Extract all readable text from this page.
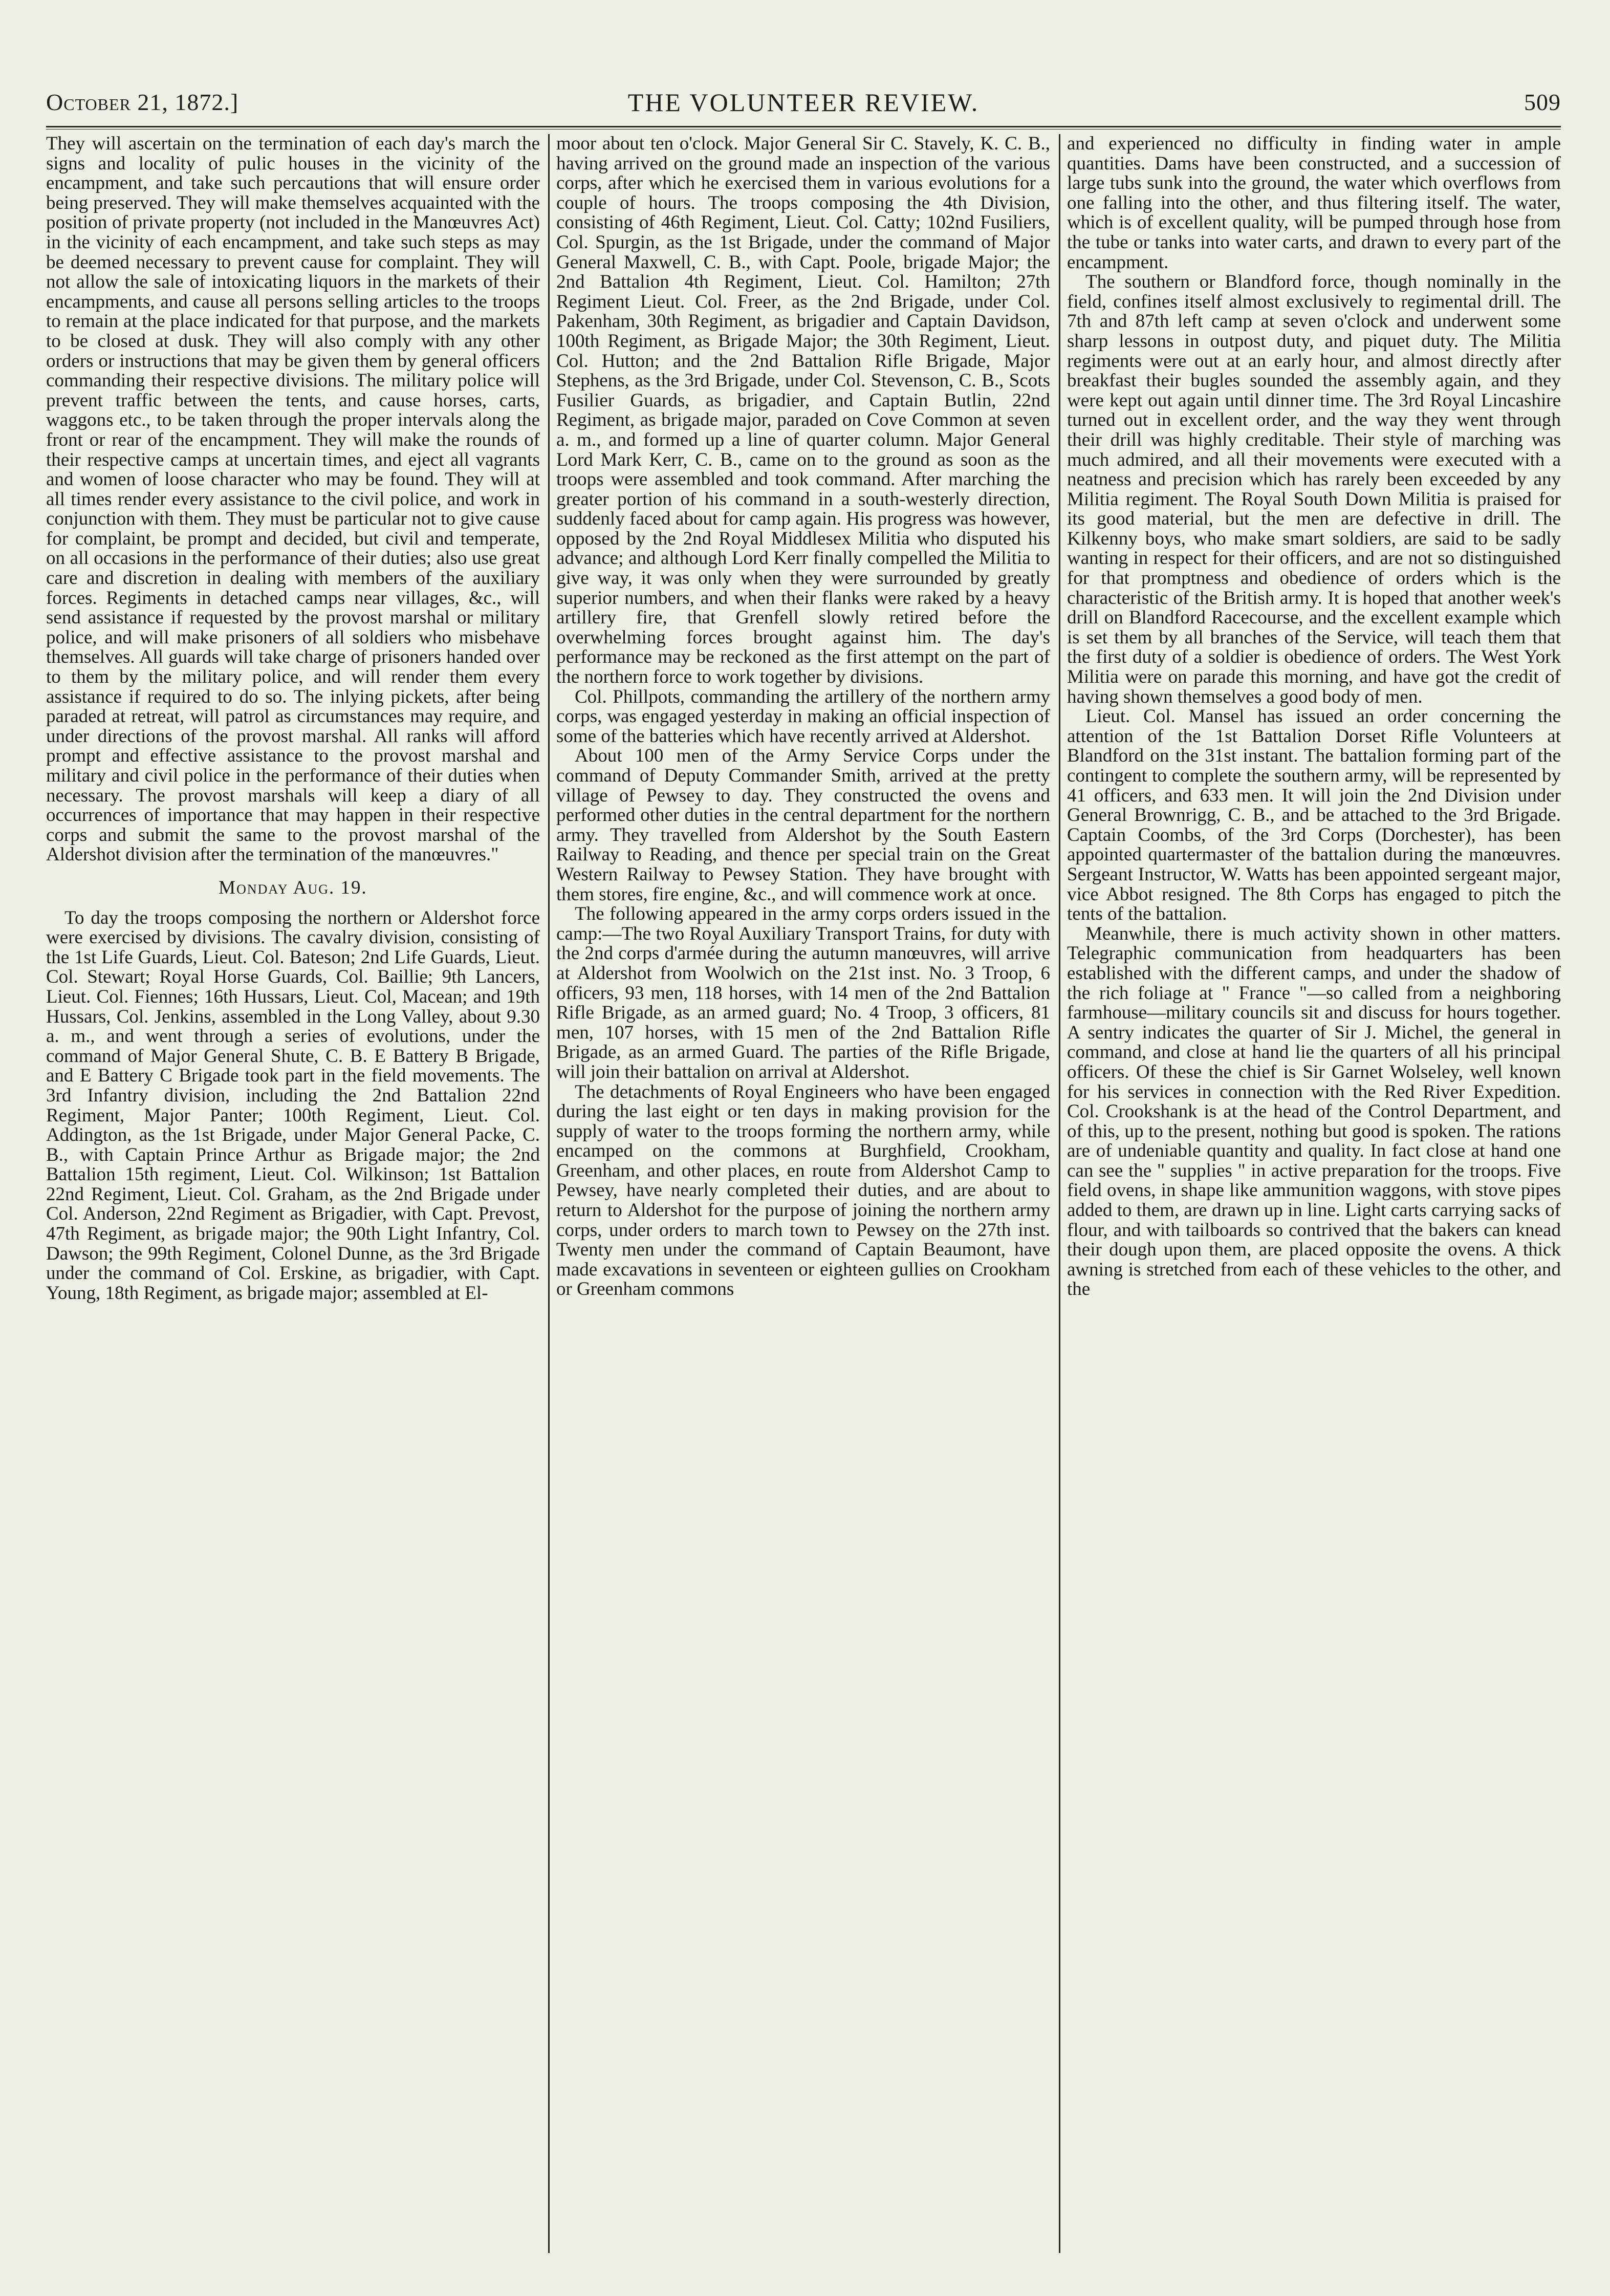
October 21, 1872.]	THE VOLUNTEER REVIEW.	509

They will ascertain on the termination of each day's march the signs and locality of pulic houses in the vicinity of the encampment, and take such percautions that will ensure order being preserved. They will make themselves acquainted with the position of private property (not included in the Manœuvres Act) in the vicinity of each encampment, and take such steps as may be deemed necessary to prevent cause for complaint. They will not allow the sale of intoxicating liquors in the markets of their encampments, and cause all persons selling articles to the troops to remain at the place indicated for that purpose, and the markets to be closed at dusk. They will also comply with any other orders or instructions that may be given them by general officers commanding their respective divisions. The military police will prevent traffic between the tents, and cause horses, carts, waggons etc., to be taken through the proper intervals along the front or rear of the encampment. They will make the rounds of their respective camps at uncertain times, and eject all vagrants and women of loose character who may be found. They will at all times render every assistance to the civil police, and work in conjunction with them. They must be particular not to give cause for complaint, be prompt and decided, but civil and temperate, on all occasions in the performance of their duties; also use great care and discretion in dealing with members of the auxiliary forces. Regiments in detached camps near villages, &c., will send assistance if requested by the provost marshal or military police, and will make prisoners of all soldiers who misbehave themselves. All guards will take charge of prisoners handed over to them by the military police, and will render them every assistance if required to do so. The inlying pickets, after being paraded at retreat, will patrol as circumstances may require, and under directions of the provost marshal. All ranks will afford prompt and effective assistance to the provost marshal and military and civil police in the performance of their duties when necessary. The provost marshals will keep a diary of all occurrences of importance that may happen in their respective corps and submit the same to the provost marshal of the Aldershot division after the termination of the manœuvres."

Monday Aug. 19.

To day the troops composing the northern or Aldershot force were exercised by divisions. The cavalry division, consisting of the 1st Life Guards, Lieut. Col. Bateson; 2nd Life Guards, Lieut. Col. Stewart; Royal Horse Guards, Col. Baillie; 9th Lancers, Lieut. Col. Fiennes; 16th Hussars, Lieut. Col, Macean; and 19th Hussars, Col. Jenkins, assembled in the Long Valley, about 9.30 a. m., and went through a series of evolutions, under the command of Major General Shute, C. B. E Battery B Brigade, and E Battery C Brigade took part in the field movements. The 3rd Infantry division, including the 2nd Battalion 22nd Regiment, Major Panter; 100th Regiment, Lieut. Col. Addington, as the 1st Brigade, under Major General Packe, C. B., with Captain Prince Arthur as Brigade major; the 2nd Battalion 15th regiment, Lieut. Col. Wilkinson; 1st Battalion 22nd Regiment, Lieut. Col. Graham, as the 2nd Brigade under Col. Anderson, 22nd Regiment as Brigadier, with Capt. Prevost, 47th Regiment, as brigade major; the 90th Light Infantry, Col. Dawson; the 99th Regiment, Colonel Dunne, as the 3rd Brigade under the command of Col. Erskine, as brigadier, with Capt. Young, 18th Regiment, as brigade major; assembled at El-

moor about ten o'clock. Major General Sir C. Stavely, K. C. B., having arrived on the ground made an inspection of the various corps, after which he exercised them in various evolutions for a couple of hours. The troops composing the 4th Division, consisting of 46th Regiment, Lieut. Col. Catty; 102nd Fusiliers, Col. Spurgin, as the 1st Brigade, under the command of Major General Maxwell, C. B., with Capt. Poole, brigade Major; the 2nd Battalion 4th Regiment, Lieut. Col. Hamilton; 27th Regiment Lieut. Col. Freer, as the 2nd Brigade, under Col. Pakenham, 30th Regiment, as brigadier and Captain Davidson, 100th Regiment, as Brigade Major; the 30th Regiment, Lieut. Col. Hutton; and the 2nd Battalion Rifle Brigade, Major Stephens, as the 3rd Brigade, under Col. Stevenson, C. B., Scots Fusilier Guards, as brigadier, and Captain Butlin, 22nd Regiment, as brigade major, paraded on Cove Common at seven a. m., and formed up a line of quarter column. Major General Lord Mark Kerr, C. B., came on to the ground as soon as the troops were assembled and took command. After marching the greater portion of his command in a south-westerly direction, suddenly faced about for camp again. His progress was however, opposed by the 2nd Royal Middlesex Militia who disputed his advance; and although Lord Kerr finally compelled the Militia to give way, it was only when they were surrounded by greatly superior numbers, and when their flanks were raked by a heavy artillery fire, that Grenfell slowly retired before the overwhelming forces brought against him. The day's performance may be reckoned as the first attempt on the part of the northern force to work together by divisions.

Col. Phillpots, commanding the artillery of the northern army corps, was engaged yesterday in making an official inspection of some of the batteries which have recently arrived at Aldershot.

About 100 men of the Army Service Corps under the command of Deputy Commander Smith, arrived at the pretty village of Pewsey to day. They constructed the ovens and performed other duties in the central department for the northern army. They travelled from Aldershot by the South Eastern Railway to Reading, and thence per special train on the Great Western Railway to Pewsey Station. They have brought with them stores, fire engine, &c., and will commence work at once.

The following appeared in the army corps orders issued in the camp:—The two Royal Auxiliary Transport Trains, for duty with the 2nd corps d'armée during the autumn manœuvres, will arrive at Aldershot from Woolwich on the 21st inst. No. 3 Troop, 6 officers, 93 men, 118 horses, with 14 men of the 2nd Battalion Rifle Brigade, as an armed guard; No. 4 Troop, 3 officers, 81 men, 107 horses, with 15 men of the 2nd Battalion Rifle Brigade, as an armed Guard. The parties of the Rifle Brigade, will join their battalion on arrival at Aldershot.

The detachments of Royal Engineers who have been engaged during the last eight or ten days in making provision for the supply of water to the troops forming the northern army, while encamped on the commons at Burghfield, Crookham, Greenham, and other places, en route from Aldershot Camp to Pewsey, have nearly completed their duties, and are about to return to Aldershot for the purpose of joining the northern army corps, under orders to march town to Pewsey on the 27th inst. Twenty men under the command of Captain Beaumont, have made excavations in seventeen or eighteen gullies on Crookham or Greenham commons

and experienced no difficulty in finding water in ample quantities. Dams have been constructed, and a succession of large tubs sunk into the ground, the water which overflows from one falling into the other, and thus filtering itself. The water, which is of excellent quality, will be pumped through hose from the tube or tanks into water carts, and drawn to every part of the encampment.

The southern or Blandford force, though nominally in the field, confines itself almost exclusively to regimental drill. The 7th and 87th left camp at seven o'clock and underwent some sharp lessons in outpost duty, and piquet duty. The Militia regiments were out at an early hour, and almost directly after breakfast their bugles sounded the assembly again, and they were kept out again until dinner time. The 3rd Royal Lincashire turned out in excellent order, and the way they went through their drill was highly creditable. Their style of marching was much admired, and all their movements were executed with a neatness and precision which has rarely been exceeded by any Militia regiment. The Royal South Down Militia is praised for its good material, but the men are defective in drill. The Kilkenny boys, who make smart soldiers, are said to be sadly wanting in respect for their officers, and are not so distinguished for that promptness and obedience of orders which is the characteristic of the British army. It is hoped that another week's drill on Blandford Racecourse, and the excellent example which is set them by all branches of the Service, will teach them that the first duty of a soldier is obedience of orders. The West York Militia were on parade this morning, and have got the credit of having shown themselves a good body of men.

Lieut. Col. Mansel has issued an order concerning the attention of the 1st Battalion Dorset Rifle Volunteers at Blandford on the 31st instant. The battalion forming part of the contingent to complete the southern army, will be represented by 41 officers, and 633 men. It will join the 2nd Division under General Brownrigg, C. B., and be attached to the 3rd Brigade. Captain Coombs, of the 3rd Corps (Dorchester), has been appointed quartermaster of the battalion during the manœuvres. Sergeant Instructor, W. Watts has been appointed sergeant major, vice Abbot resigned. The 8th Corps has engaged to pitch the tents of the battalion.

Meanwhile, there is much activity shown in other matters. Telegraphic communication from headquarters has been established with the different camps, and under the shadow of the rich foliage at " France "—so called from a neighboring farmhouse—military councils sit and discuss for hours together. A sentry indicates the quarter of Sir J. Michel, the general in command, and close at hand lie the quarters of all his principal officers. Of these the chief is Sir Garnet Wolseley, well known for his services in connection with the Red River Expedition. Col. Crookshank is at the head of the Control Department, and of this, up to the present, nothing but good is spoken. The rations are of undeniable quantity and quality. In fact close at hand one can see the " supplies " in active preparation for the troops. Five field ovens, in shape like ammunition waggons, with stove pipes added to them, are drawn up in line. Light carts carrying sacks of flour, and with tailboards so contrived that the bakers can knead their dough upon them, are placed opposite the ovens. A thick awning is stretched from each of these vehicles to the other, and the
